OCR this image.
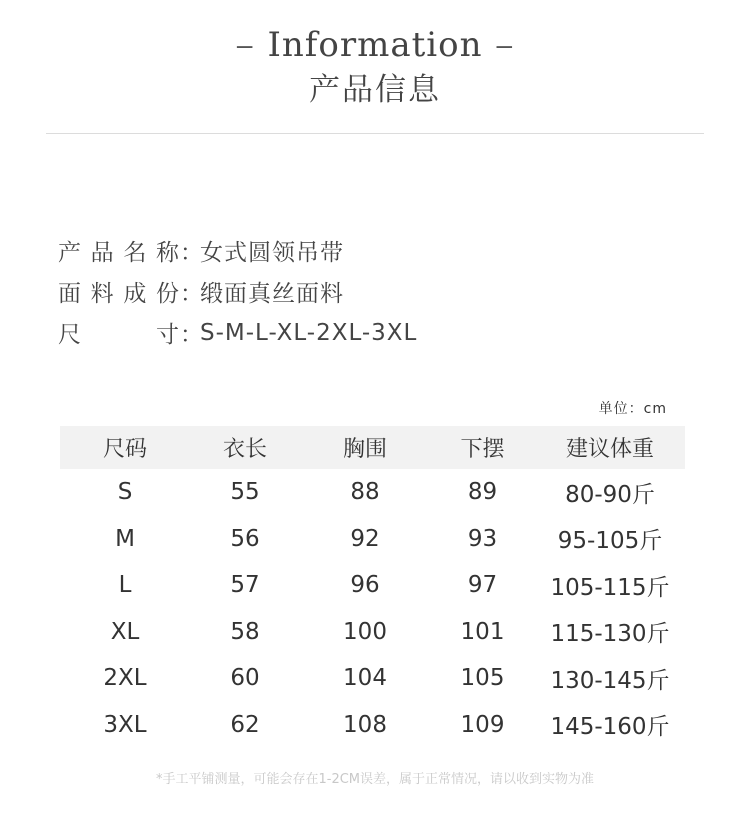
– Information –
产品信息
产 品 名 称 ：
女式圆领吊带
面 料 成 份 ：
缎面真丝面料
尺	寸 ：
S-M-L-XL-2XL-3XL
单位：cm
尺码	衣长	胸围	下摆	建议体重
S	55	88	89	80-90斤
M	56	92	93	95-105斤
L	57	96	97	105-115斤
XL	58	100	101	115-130斤
2XL	60	104	105	130-145斤
3XL	62	108	109	145-160斤
*手工平铺测量，可能会存在1-2CM误差，属于正常情况，请以收到实物为准
